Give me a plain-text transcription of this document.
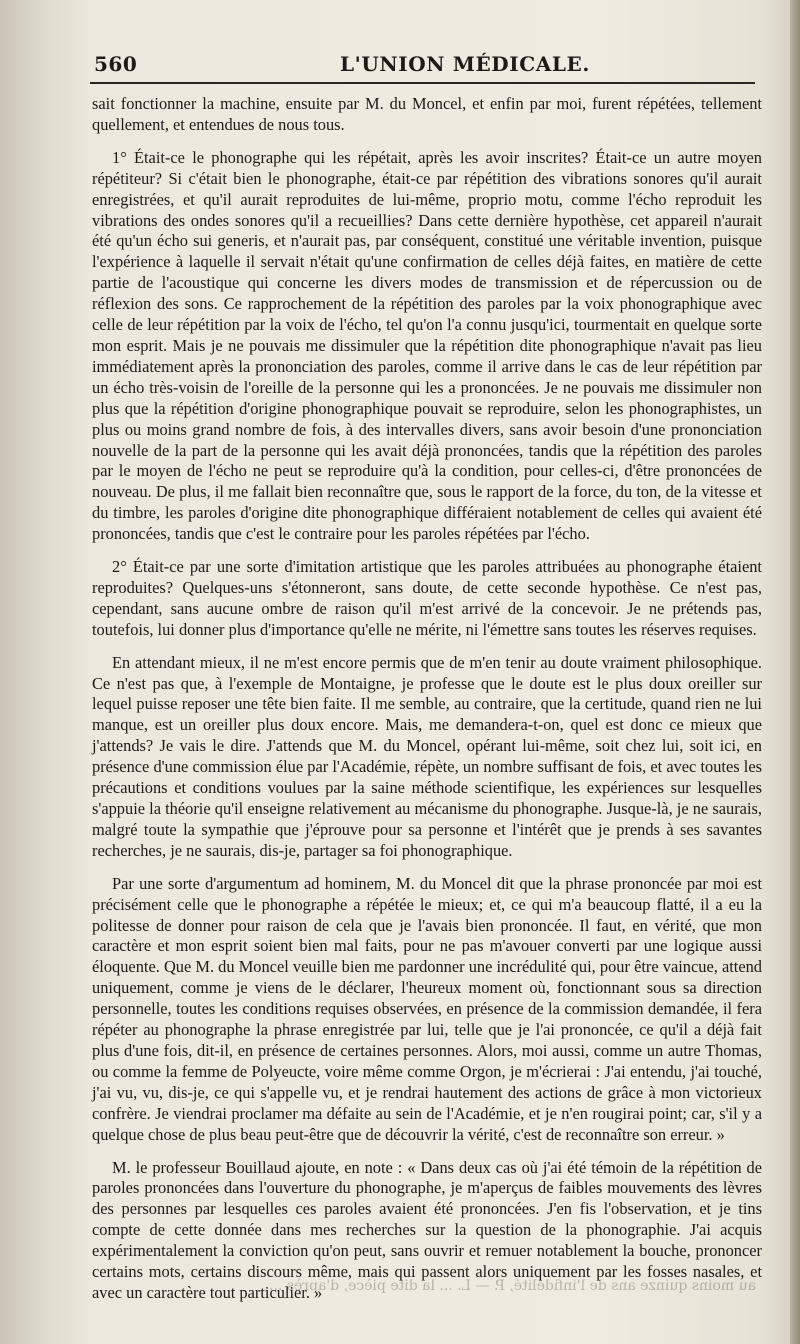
560	L'UNION MÉDICALE.

sait fonctionner la machine, ensuite par M. du Moncel, et enfin par moi, furent répétées, tellement quellement, et entendues de nous tous.

1° Était-ce le phonographe qui les répétait, après les avoir inscrites? Était-ce un autre moyen répétiteur? Si c'était bien le phonographe, était-ce par répétition des vibrations sonores qu'il aurait enregistrées, et qu'il aurait reproduites de lui-même, proprio motu, comme l'écho reproduit les vibrations des ondes sonores qu'il a recueillies? Dans cette dernière hypothèse, cet appareil n'aurait été qu'un écho sui generis, et n'aurait pas, par conséquent, constitué une véritable invention, puisque l'expérience à laquelle il servait n'était qu'une confirmation de celles déjà faites, en matière de cette partie de l'acoustique qui concerne les divers modes de transmission et de répercussion ou de réflexion des sons. Ce rapprochement de la répétition des paroles par la voix phonographique avec celle de leur répétition par la voix de l'écho, tel qu'on l'a connu jusqu'ici, tourmentait en quelque sorte mon esprit. Mais je ne pouvais me dissimuler que la répétition dite phonographique n'avait pas lieu immédiatement après la prononciation des paroles, comme il arrive dans le cas de leur répétition par un écho très-voisin de l'oreille de la personne qui les a prononcées. Je ne pouvais me dissimuler non plus que la répétition d'origine phonographique pouvait se reproduire, selon les phonographistes, un plus ou moins grand nombre de fois, à des intervalles divers, sans avoir besoin d'une prononciation nouvelle de la part de la personne qui les avait déjà prononcées, tandis que la répétition des paroles par le moyen de l'écho ne peut se reproduire qu'à la condition, pour celles-ci, d'être prononcées de nouveau. De plus, il me fallait bien reconnaître que, sous le rapport de la force, du ton, de la vitesse et du timbre, les paroles d'origine dite phonographique différaient notablement de celles qui avaient été prononcées, tandis que c'est le contraire pour les paroles répétées par l'écho.

2° Était-ce par une sorte d'imitation artistique que les paroles attribuées au phonographe étaient reproduites? Quelques-uns s'étonneront, sans doute, de cette seconde hypothèse. Ce n'est pas, cependant, sans aucune ombre de raison qu'il m'est arrivé de la concevoir. Je ne prétends pas, toutefois, lui donner plus d'importance qu'elle ne mérite, ni l'émettre sans toutes les réserves requises.

En attendant mieux, il ne m'est encore permis que de m'en tenir au doute vraiment philosophique. Ce n'est pas que, à l'exemple de Montaigne, je professe que le doute est le plus doux oreiller sur lequel puisse reposer une tête bien faite. Il me semble, au contraire, que la certitude, quand rien ne lui manque, est un oreiller plus doux encore. Mais, me demandera-t-on, quel est donc ce mieux que j'attends? Je vais le dire. J'attends que M. du Moncel, opérant lui-même, soit chez lui, soit ici, en présence d'une commission élue par l'Académie, répète, un nombre suffisant de fois, et avec toutes les précautions et conditions voulues par la saine méthode scientifique, les expériences sur lesquelles s'appuie la théorie qu'il enseigne relativement au mécanisme du phonographe. Jusque-là, je ne saurais, malgré toute la sympathie que j'éprouve pour sa personne et l'intérêt que je prends à ses savantes recherches, je ne saurais, dis-je, partager sa foi phonographique.

Par une sorte d'argumentum ad hominem, M. du Moncel dit que la phrase prononcée par moi est précisément celle que le phonographe a répétée le mieux; et, ce qui m'a beaucoup flatté, il a eu la politesse de donner pour raison de cela que je l'avais bien prononcée. Il faut, en vérité, que mon caractère et mon esprit soient bien mal faits, pour ne pas m'avouer converti par une logique aussi éloquente. Que M. du Moncel veuille bien me pardonner une incrédulité qui, pour être vaincue, attend uniquement, comme je viens de le déclarer, l'heureux moment où, fonctionnant sous sa direction personnelle, toutes les conditions requises observées, en présence de la commission demandée, il fera répéter au phonographe la phrase enregistrée par lui, telle que je l'ai prononcée, ce qu'il a déjà fait plus d'une fois, dit-il, en présence de certaines personnes. Alors, moi aussi, comme un autre Thomas, ou comme la femme de Polyeucte, voire même comme Orgon, je m'écrierai : J'ai entendu, j'ai touché, j'ai vu, vu, dis-je, ce qui s'appelle vu, et je rendrai hautement des actions de grâce à mon victorieux confrère. Je viendrai proclamer ma défaite au sein de l'Académie, et je n'en rougirai point; car, s'il y a quelque chose de plus beau peut-être que de découvrir la vérité, c'est de reconnaître son erreur. »

M. le professeur Bouillaud ajoute, en note : « Dans deux cas où j'ai été témoin de la répétition de paroles prononcées dans l'ouverture du phonographe, je m'aperçus de faibles mouvements des lèvres des personnes par lesquelles ces paroles avaient été prononcées. J'en fis l'observation, et je tins compte de cette donnée dans mes recherches sur la question de la phonographie. J'ai acquis expérimentalement la conviction qu'on peut, sans ouvrir et remuer notablement la bouche, prononcer certains mots, certains discours même, mais qui passent alors uniquement par les fosses nasales, et avec un caractère tout particulier. »

au moins quinze ans de l'infidélité, P. — L. ... la dite pièce, d'après ...
